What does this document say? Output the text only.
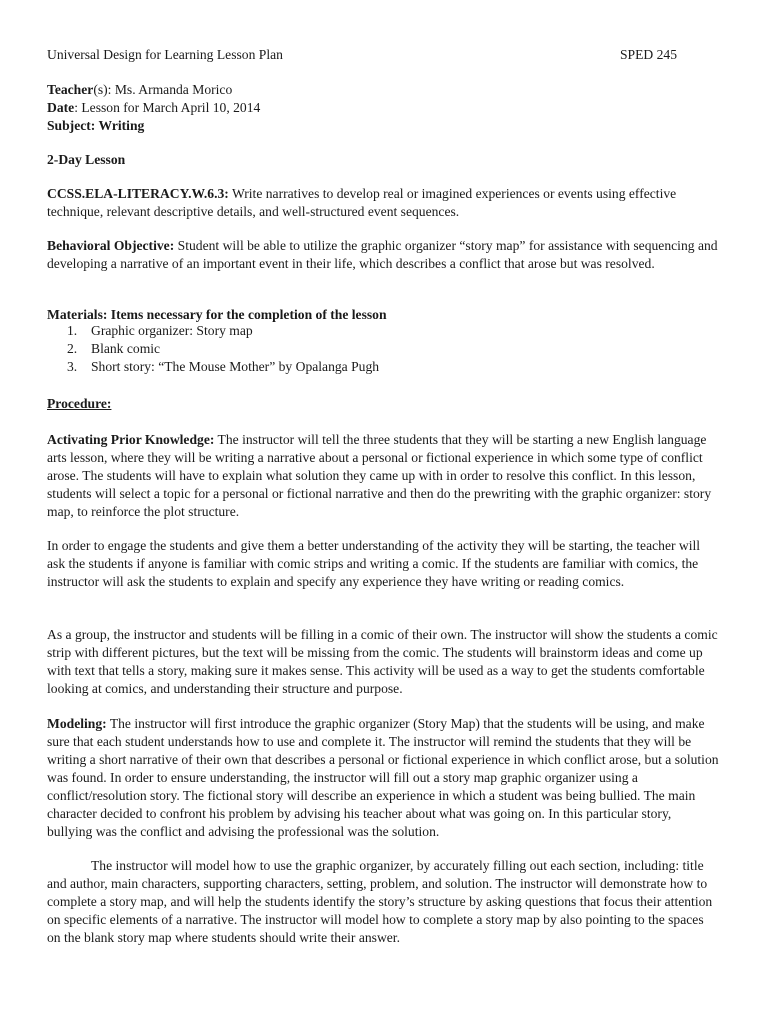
Universal Design for Learning Lesson Plan	SPED 245

Teacher(s): Ms. Armanda Morico

Date: Lesson for March April 10, 2014

Subject: Writing

2-Day Lesson

CCSS.ELA-LITERACY.W.6.3: Write narratives to develop real or imagined experiences or events using effective technique, relevant descriptive details, and well-structured event sequences.

Behavioral Objective: Student will be able to utilize the graphic organizer “story map” for assistance with sequencing and developing a narrative of an important event in their life, which describes a conflict that arose but was resolved.

Materials: Items necessary for the completion of the lesson

1. Graphic organizer: Story map
2. Blank comic
3. Short story: “The Mouse Mother” by Opalanga Pugh

Procedure:

Activating Prior Knowledge: The instructor will tell the three students that they will be starting a new English language arts lesson, where they will be writing a narrative about a personal or fictional experience in which some type of conflict arose. The students will have to explain what solution they came up with in order to resolve this conflict. In this lesson, students will select a topic for a personal or fictional narrative and then do the prewriting with the graphic organizer: story map, to reinforce the plot structure.

In order to engage the students and give them a better understanding of the activity they will be starting, the teacher will ask the students if anyone is familiar with comic strips and writing a comic. If the students are familiar with comics, the instructor will ask the students to explain and specify any experience they have writing or reading comics.

As a group, the instructor and students will be filling in a comic of their own. The instructor will show the students a comic strip with different pictures, but the text will be missing from the comic. The students will brainstorm ideas and come up with text that tells a story, making sure it makes sense. This activity will be used as a way to get the students comfortable looking at comics, and understanding their structure and purpose.

Modeling: The instructor will first introduce the graphic organizer (Story Map) that the students will be using, and make sure that each student understands how to use and complete it. The instructor will remind the students that they will be writing a short narrative of their own that describes a personal or fictional experience in which conflict arose, but a solution was found. In order to ensure understanding, the instructor will fill out a story map graphic organizer using a conflict/resolution story. The fictional story will describe an experience in which a student was being bullied. The main character decided to confront his problem by advising his teacher about what was going on. In this particular story, bullying was the conflict and advising the professional was the solution.

The instructor will model how to use the graphic organizer, by accurately filling out each section, including: title and author, main characters, supporting characters, setting, problem, and solution. The instructor will demonstrate how to complete a story map, and will help the students identify the story’s structure by asking questions that focus their attention on specific elements of a narrative. The instructor will model how to complete a story map by also pointing to the spaces on the blank story map where students should write their answer.
